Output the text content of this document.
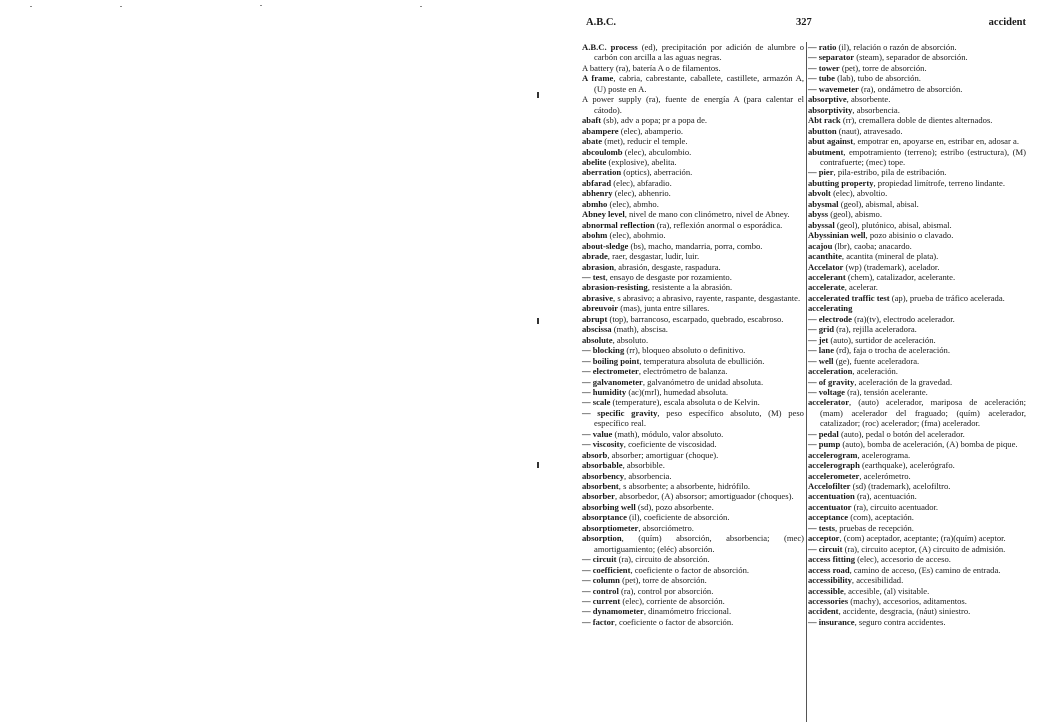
A.B.C.	327	accident

A.B.C. process (ed), precipitación por adición de alumbre o carbón con arcilla a las aguas negras.

A battery (ra), batería A o de filamentos.

A frame, cabria, cabrestante, caballete, castillete, armazón A, (U) poste en A.

A power supply (ra), fuente de energía A (para calentar el cátodo).

abaft (sb), adv a popa; pr a popa de.

abampere (elec), abamperio.

abate (met), reducir el temple.

abcoulomb (elec), abculombio.

abelite (explosive), abelita.

aberration (optics), aberración.

abfarad (elec), abfaradio.

abhenry (elec), abhenrio.

abmho (elec), abmho.

Abney level, nivel de mano con clinómetro, nivel de Abney.

abnormal reflection (ra), reflexión anormal o esporádica.

abohm (elec), abohmio.

about-sledge (bs), macho, mandarria, porra, combo.

abrade, raer, desgastar, ludir, luir.

abrasion, abrasión, desgaste, raspadura.

— test, ensayo de desgaste por rozamiento.

abrasion-resisting, resistente a la abrasión.

abrasive, s abrasivo; a abrasivo, rayente, raspante, desgastante.

abreuvoir (mas), junta entre sillares.

abrupt (top), barrancoso, escarpado, quebrado, escabroso.

abscissa (math), abscisa.

absolute, absoluto.

— blocking (rr), bloqueo absoluto o definitivo.

— boiling point, temperatura absoluta de ebullición.

— electrometer, electrómetro de balanza.

— galvanometer, galvanómetro de unidad absoluta.

— humidity (ac)(mrl), humedad absoluta.

— scale (temperature), escala absoluta o de Kelvin.

— specific gravity, peso específico absoluto, (M) peso específico real.

— value (math), módulo, valor absoluto.

— viscosity, coeficiente de viscosidad.

absorb, absorber; amortiguar (choque).

absorbable, absorbible.

absorbency, absorbencia.

absorbent, s absorbente; a absorbente, hidrófilo.

absorber, absorbedor, (A) absorsor; amortiguador (choques).

absorbing well (sd), pozo absorbente.

absorptance (il), coeficiente de absorción.

absorptiometer, absorciómetro.

absorption, (quím) absorción, absorbencia; (mec) amortiguamiento; (eléc) absorción.

— circuit (ra), circuito de absorción.

— coefficient, coeficiente o factor de absorción.

— column (pet), torre de absorción.

— control (ra), control por absorción.

— current (elec), corriente de absorción.

— dynamometer, dinamómetro friccional.

— factor, coeficiente o factor de absorción.

— ratio (il), relación o razón de absorción.

— separator (steam), separador de absorción.

— tower (pet), torre de absorción.

— tube (lab), tubo de absorción.

— wavemeter (ra), ondámetro de absorción.

absorptive, absorbente.

absorptivity, absorbencia.

Abt rack (rr), cremallera doble de dientes alternados.

abutton (naut), atravesado.

abut against, empotrar en, apoyarse en, estribar en, adosar a.

abutment, empotramiento (terreno); estribo (estructura), (M) contrafuerte; (mec) tope.

— pier, pila-estribo, pila de estribación.

abutting property, propiedad limítrofe, terreno lindante.

abvolt (elec), abvoltio.

abysmal (geol), abismal, abisal.

abyss (geol), abismo.

abyssal (geol), plutónico, abisal, abismal.

Abyssinian well, pozo abisinio o clavado.

acajou (lbr), caoba; anacardo.

acanthite, acantita (mineral de plata).

Accelator (wp) (trademark), acelador.

accelerant (chem), catalizador, acelerante.

accelerate, acelerar.

accelerated traffic test (ap), prueba de tráfico acelerada.

accelerating

— electrode (ra)(tv), electrodo acelerador.

— grid (ra), rejilla aceleradora.

— jet (auto), surtidor de aceleración.

— lane (rd), faja o trocha de aceleración.

— well (ge), fuente aceleradora.

acceleration, aceleración.

— of gravity, aceleración de la gravedad.

— voltage (ra), tensión acelerante.

accelerator, (auto) acelerador, mariposa de aceleración; (mam) acelerador del fraguado; (quím) acelerador, catalizador; (roc) acelerador; (fma) acelerador.

— pedal (auto), pedal o botón del acelerador.

— pump (auto), bomba de aceleración, (A) bomba de pique.

accelerogram, acelerograma.

accelerograph (earthquake), acelerógrafo.

accelerometer, acelerómetro.

Accelofilter (sd) (trademark), acelofiltro.

accentuation (ra), acentuación.

accentuator (ra), circuito acentuador.

acceptance (com), aceptación.

— tests, pruebas de recepción.

acceptor, (com) aceptador, aceptante; (ra)(quím) aceptor.

— circuit (ra), circuito aceptor, (A) circuito de admisión.

access fitting (elec), accesorio de acceso.

access road, camino de acceso, (Es) camino de entrada.

accessibility, accesibilidad.

accessible, accesible, (al) visitable.

accessories (machy), accesorios, aditamentos.

accident, accidente, desgracia, (náut) siniestro.

— insurance, seguro contra accidentes.
